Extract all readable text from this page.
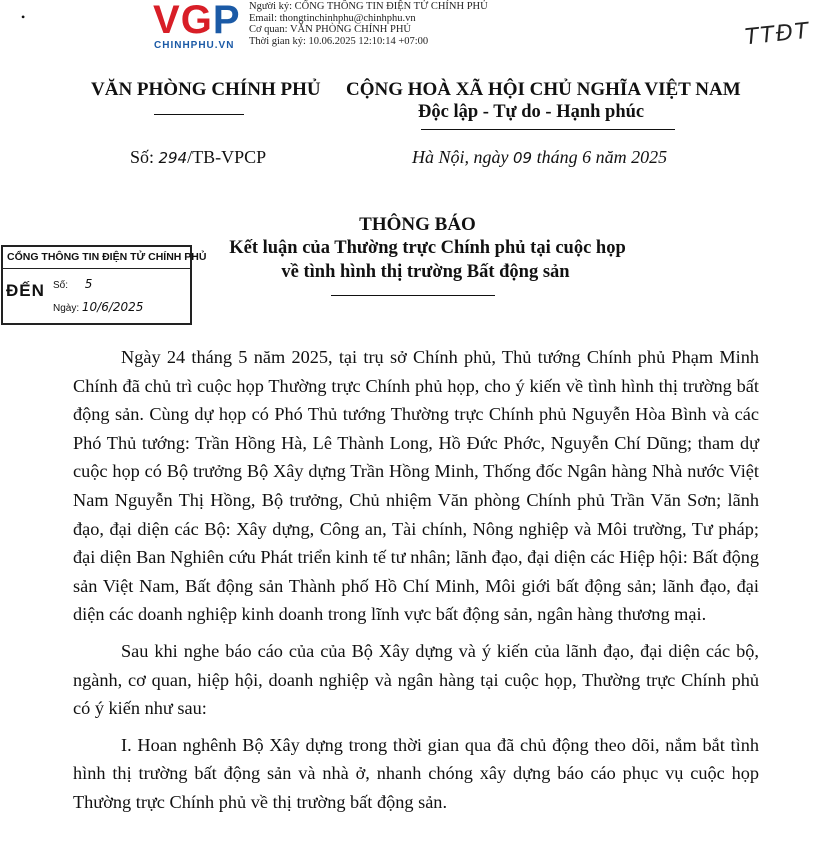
•	VGP
CHINHPHU.VN
Người ký: CỔNG THÔNG TIN ĐIỆN TỬ CHÍNH PHỦ
Email: thongtinchinhphu@chinhphu.vn
Cơ quan: VĂN PHÒNG CHÍNH PHỦ
Thời gian ký: 10.06.2025 12:10:14 +07:00	TTĐT
VĂN PHÒNG CHÍNH PHỦ CỘNG HOÀ XÃ HỘI CHỦ NGHĨA VIỆT NAM
Độc lập - Tự do - Hạnh phúc
Số: 294/TB-VPCP	Hà Nội, ngày 09 tháng 6 năm 2025
THÔNG BÁO
Kết luận của Thường trực Chính phủ tại cuộc họp
về tình hình thị trường Bất động sản
CỔNG THÔNG TIN ĐIỆN TỬ CHÍNH PHỦ
ĐẾN Số: 5
Ngày: 10/6/2025

Ngày 24 tháng 5 năm 2025, tại trụ sở Chính phủ, Thủ tướng Chính phủ Phạm Minh Chính đã chủ trì cuộc họp Thường trực Chính phủ họp, cho ý kiến về tình hình thị trường bất động sản. Cùng dự họp có Phó Thủ tướng Thường trực Chính phủ Nguyễn Hòa Bình và các Phó Thủ tướng: Trần Hồng Hà, Lê Thành Long, Hồ Đức Phớc, Nguyễn Chí Dũng; tham dự cuộc họp có Bộ trưởng Bộ Xây dựng Trần Hồng Minh, Thống đốc Ngân hàng Nhà nước Việt Nam Nguyễn Thị Hồng, Bộ trưởng, Chủ nhiệm Văn phòng Chính phủ Trần Văn Sơn; lãnh đạo, đại diện các Bộ: Xây dựng, Công an, Tài chính, Nông nghiệp và Môi trường, Tư pháp; đại diện Ban Nghiên cứu Phát triển kinh tế tư nhân; lãnh đạo, đại diện các Hiệp hội: Bất động sản Việt Nam, Bất động sản Thành phố Hồ Chí Minh, Môi giới bất động sản; lãnh đạo, đại diện các doanh nghiệp kinh doanh trong lĩnh vực bất động sản, ngân hàng thương mại.

Sau khi nghe báo cáo của của Bộ Xây dựng và ý kiến của lãnh đạo, đại diện các bộ, ngành, cơ quan, hiệp hội, doanh nghiệp và ngân hàng tại cuộc họp, Thường trực Chính phủ có ý kiến như sau:

I. Hoan nghênh Bộ Xây dựng trong thời gian qua đã chủ động theo dõi, nắm bắt tình hình thị trường bất động sản và nhà ở, nhanh chóng xây dựng báo cáo phục vụ cuộc họp Thường trực Chính phủ về thị trường bất động sản.
